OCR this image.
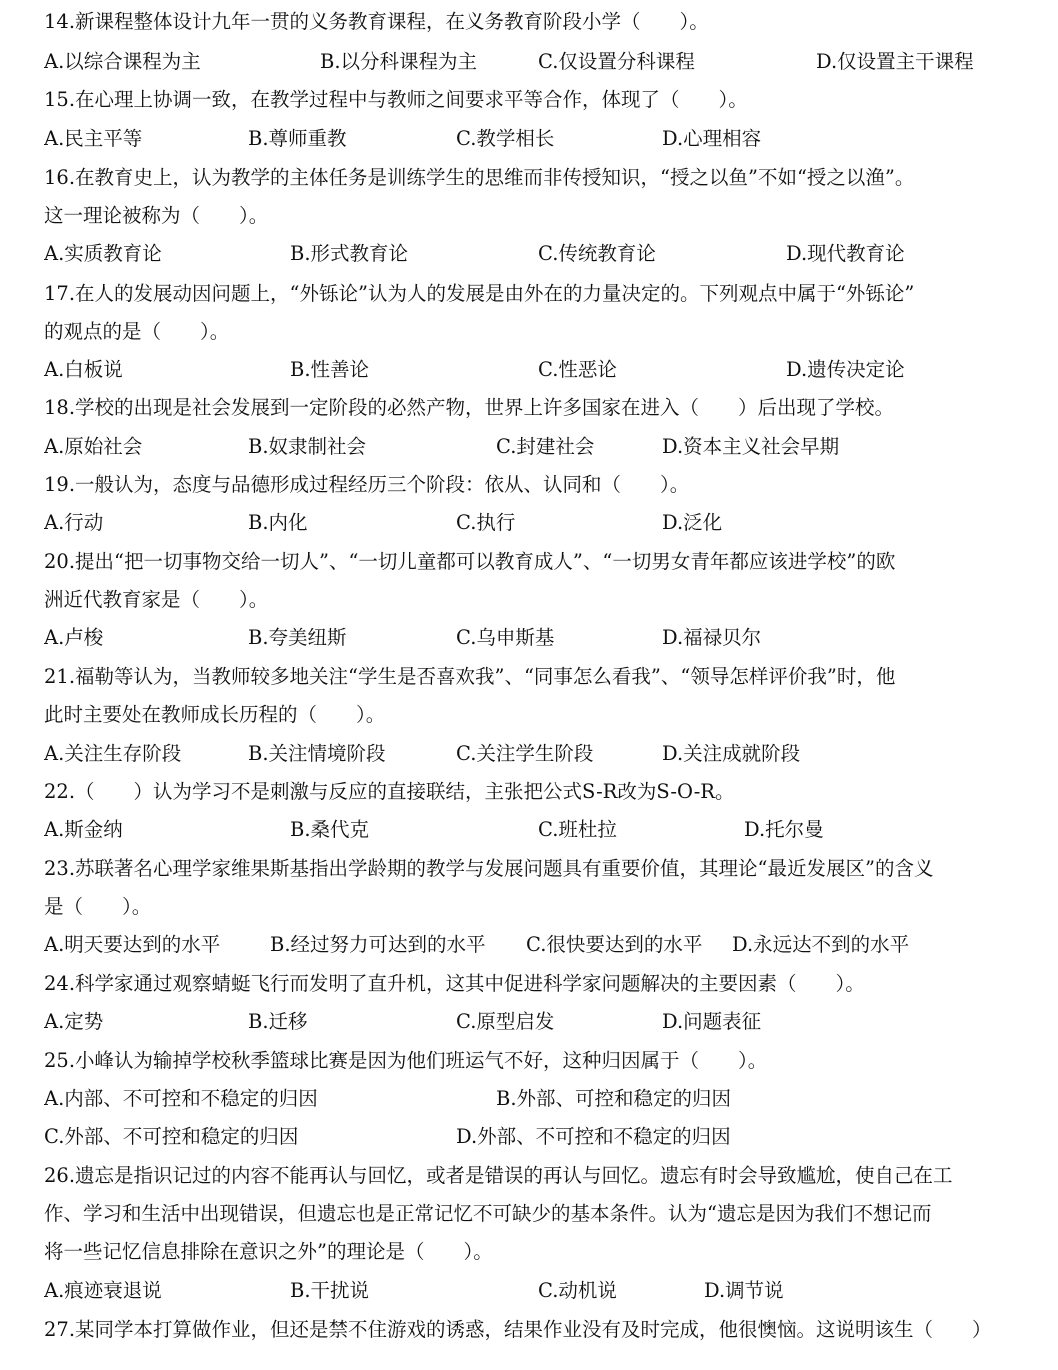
14.新课程整体设计九年一贯的义务教育课程，在义务教育阶段小学（　　）。
A.以综合课程为主	B.以分科课程为主	C.仅设置分科课程	D.仅设置主干课程
15.在心理上协调一致，在教学过程中与教师之间要求平等合作，体现了（　　）。
A.民主平等	B.尊师重教	C.教学相长	D.心理相容
16.在教育史上，认为教学的主体任务是训练学生的思维而非传授知识，“授之以鱼”不如“授之以渔”。
这一理论被称为（　　）。
A.实质教育论	B.形式教育论	C.传统教育论	D.现代教育论
17.在人的发展动因问题上，“外铄论”认为人的发展是由外在的力量决定的。下列观点中属于“外铄论”
的观点的是（　　）。
A.白板说	B.性善论	C.性恶论	D.遗传决定论
18.学校的出现是社会发展到一定阶段的必然产物，世界上许多国家在进入（　　）后出现了学校。
A.原始社会	B.奴隶制社会	C.封建社会	D.资本主义社会早期
19.一般认为，态度与品德形成过程经历三个阶段：依从、认同和（　　）。
A.行动	B.内化	C.执行	D.泛化
20.提出“把一切事物交给一切人”、“一切儿童都可以教育成人”、“一切男女青年都应该进学校”的欧
洲近代教育家是（　　）。
A.卢梭	B.夸美纽斯	C.乌申斯基	D.福禄贝尔
21.福勒等认为，当教师较多地关注“学生是否喜欢我”、“同事怎么看我”、“领导怎样评价我”时，他
此时主要处在教师成长历程的（　　）。
A.关注生存阶段	B.关注情境阶段	C.关注学生阶段	D.关注成就阶段
22.（　　）认为学习不是刺激与反应的直接联结，主张把公式S-R改为S-O-R。
A.斯金纳	B.桑代克	C.班杜拉	D.托尔曼
23.苏联著名心理学家维果斯基指出学龄期的教学与发展问题具有重要价值，其理论“最近发展区”的含义
是（　　）。
A.明天要达到的水平	B.经过努力可达到的水平 C.很快要达到的水平 D.永远达不到的水平
24.科学家通过观察蜻蜓飞行而发明了直升机，这其中促进科学家问题解决的主要因素（　　）。
A.定势	B.迁移	C.原型启发	D.问题表征
25.小峰认为输掉学校秋季篮球比赛是因为他们班运气不好，这种归因属于（　　）。
A.内部、不可控和不稳定的归因	B.外部、可控和稳定的归因
C.外部、不可控和稳定的归因	D.外部、不可控和不稳定的归因
26.遗忘是指识记过的内容不能再认与回忆，或者是错误的再认与回忆。遗忘有时会导致尴尬，使自己在工
作、学习和生活中出现错误，但遗忘也是正常记忆不可缺少的基本条件。认为“遗忘是因为我们不想记而
将一些记忆信息排除在意识之外”的理论是（　　）。
A.痕迹衰退说	B.干扰说	C.动机说	D.调节说
27.某同学本打算做作业，但还是禁不住游戏的诱惑，结果作业没有及时完成，他很懊恼。这说明该生（　　）
